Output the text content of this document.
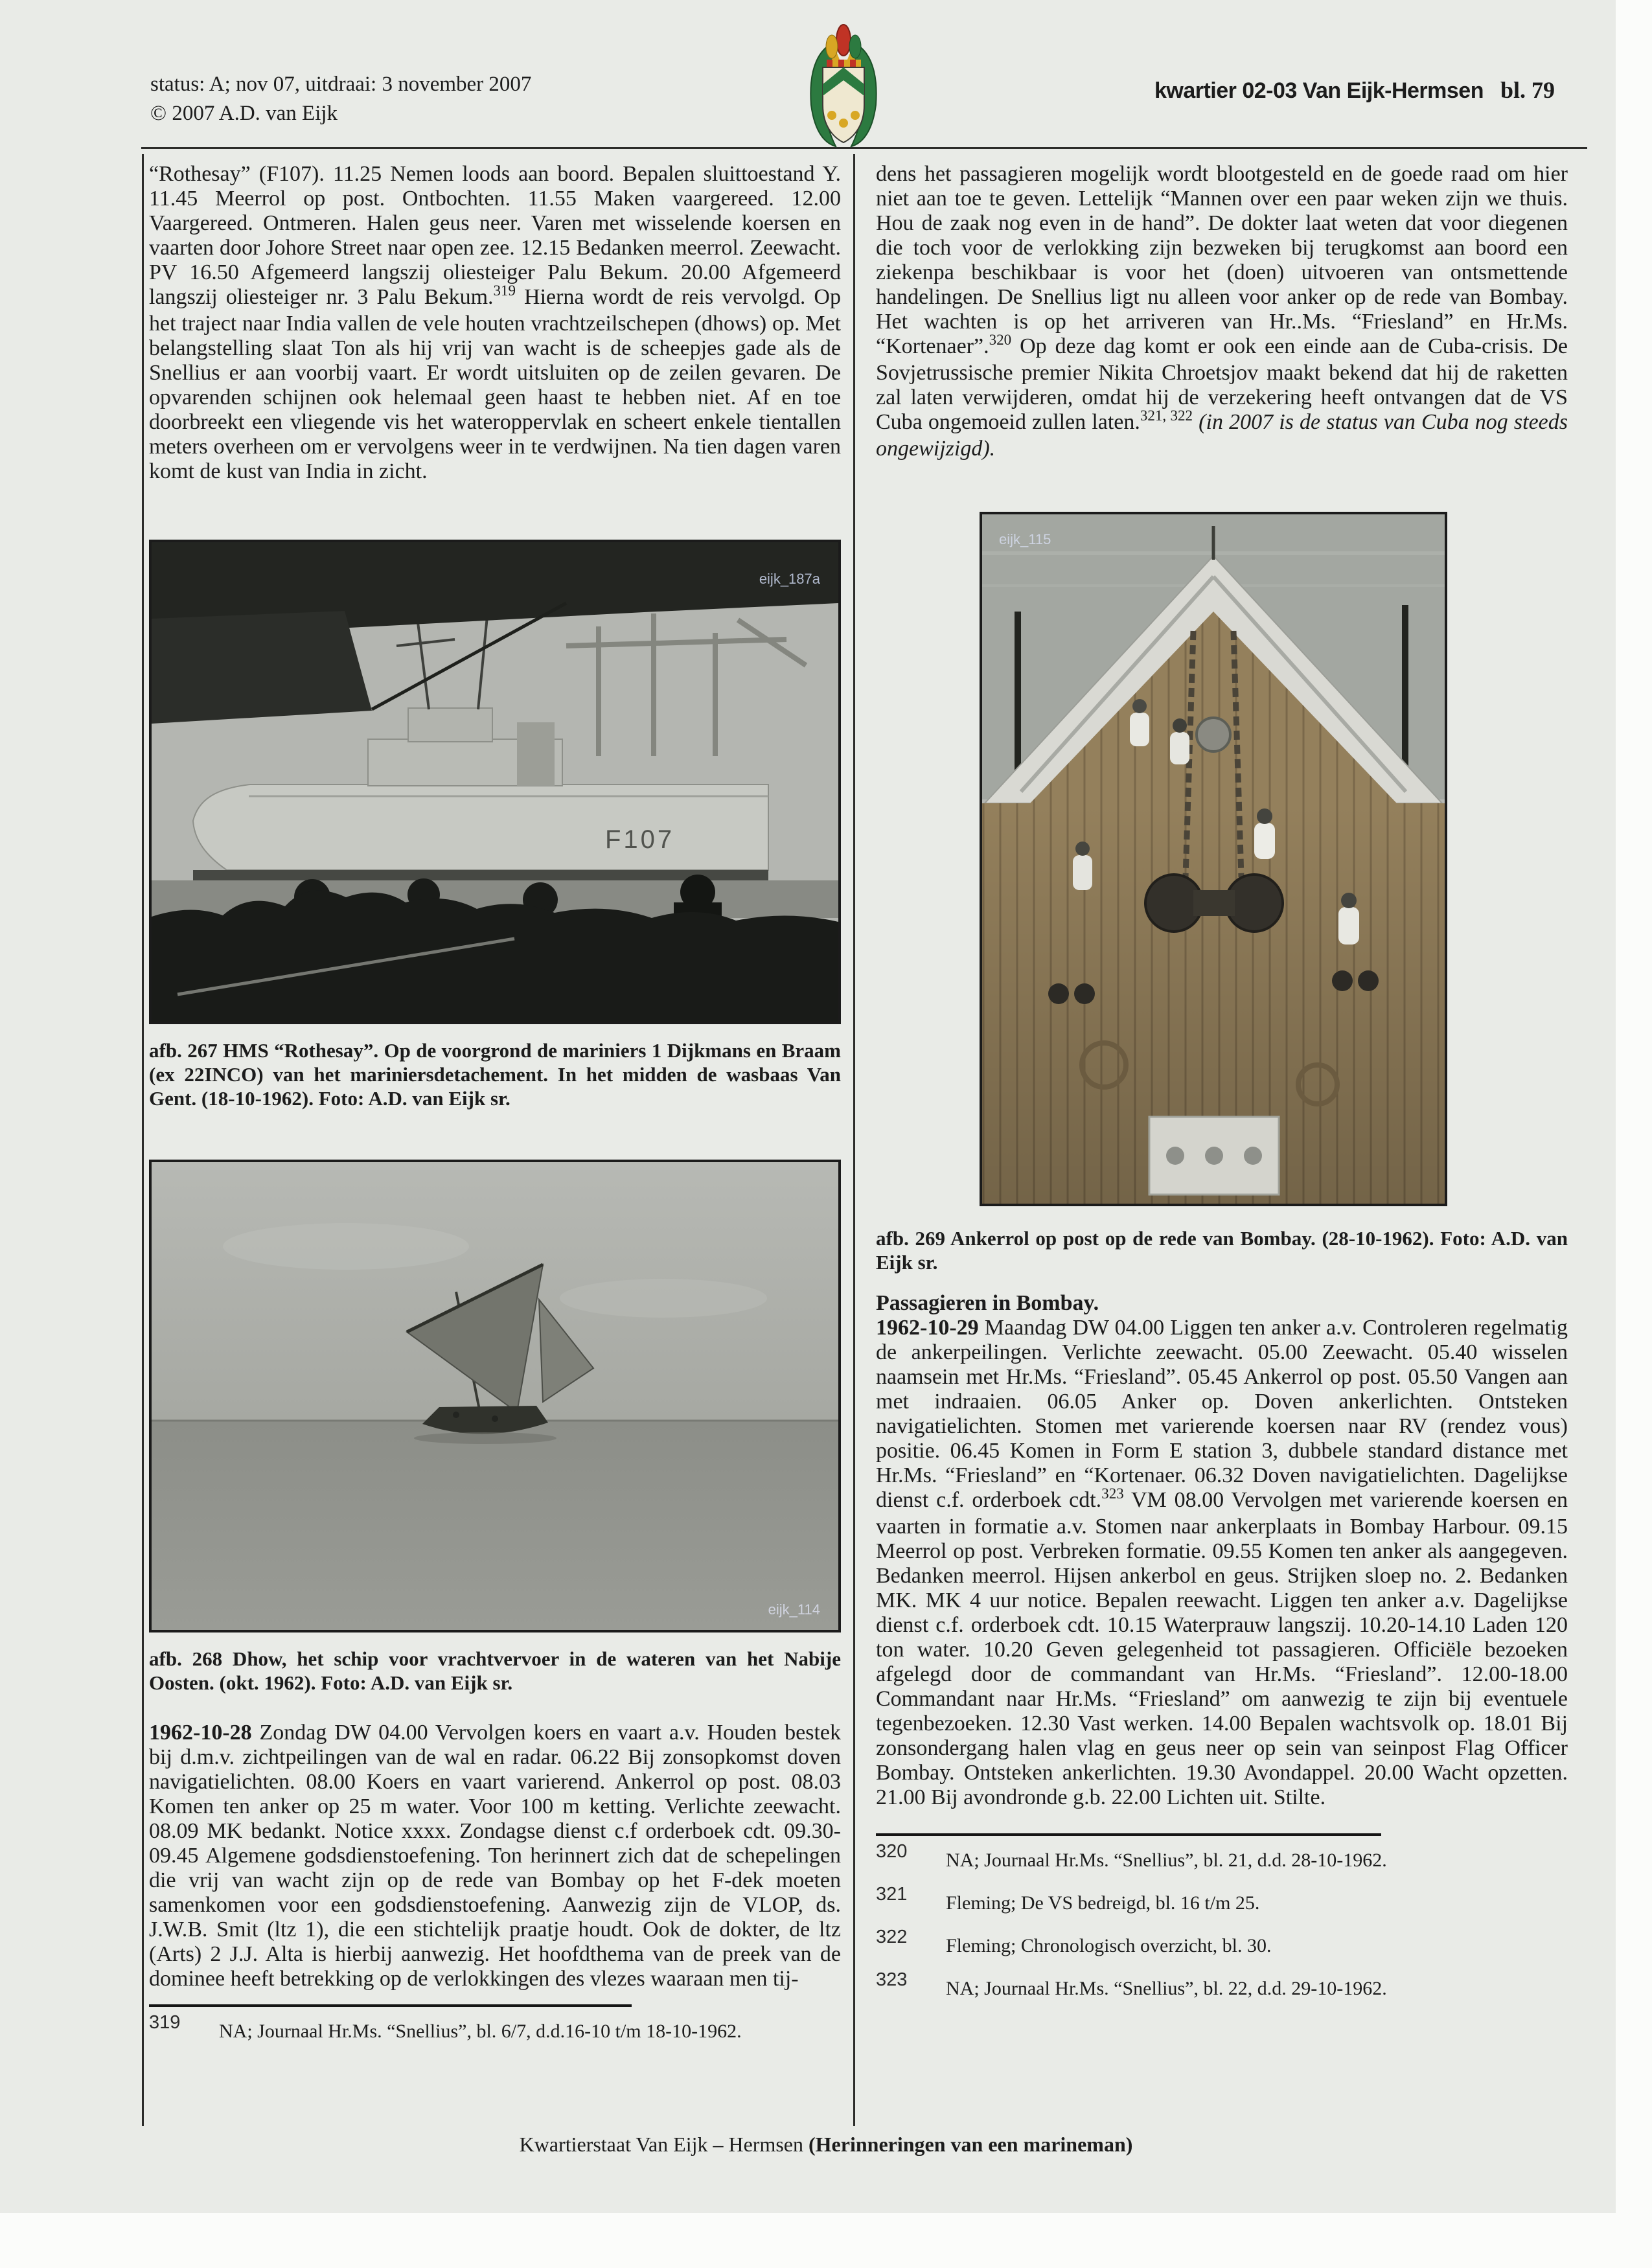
status: A; nov 07, uitdraai: 3 november 2007
© 2007 A.D. van Eijk
kwartier 02-03 Van Eijk-Hermsen bl. 79
“Rothesay” (F107). 11.25 Nemen loods aan boord. Bepalen sluittoestand Y. 11.45 Meerrol op post. Ontbochten. 11.55 Maken vaargereed. 12.00 Vaargereed. Ontmeren. Halen geus neer. Varen met wisselende koersen en vaarten door Johore Street naar open zee. 12.15 Bedanken meerrol. Zeewacht. PV 16.50 Afgemeerd langszij oliesteiger Palu Bekum. 20.00 Afgemeerd langszij oliesteiger nr. 3 Palu Bekum.$^{319}$ Hierna wordt de reis vervolgd. Op het traject naar India vallen de vele houten vrachtzeilschepen (dhows) op. Met belangstelling slaat Ton als hij vrij van wacht is de scheepjes gade als de Snellius er aan voorbij vaart. Er wordt uitsluiten op de zeilen gevaren. De opvarenden schijnen ook helemaal geen haast te hebben niet. Af en toe doorbreekt een vliegende vis het wateroppervlak en scheert enkele tientallen meters overheen om er vervolgens weer in te verdwijnen. Na tien dagen varen komt de kust van India in zicht.
F107
eijk_187a
afb. 267 HMS “Rothesay”. Op de voorgrond de mariniers 1 Dijkmans en Braam (ex 22INCO) van het mariniersdetachement. In het midden de wasbaas Van Gent. (18-10-1962). Foto: A.D. van Eijk sr.
eijk_114
afb. 268 Dhow, het schip voor vrachtvervoer in de wateren van het Nabije Oosten. (okt. 1962). Foto: A.D. van Eijk sr.
1962-10-28 Zondag DW 04.00 Vervolgen koers en vaart a.v. Houden bestek bij d.m.v. zichtpeilingen van de wal en radar. 06.22 Bij zonsopkomst doven navigatielichten. 08.00 Koers en vaart varierend. Ankerrol op post. 08.03 Komen ten anker op 25 m water. Voor 100 m ketting. Verlichte zeewacht. 08.09 MK bedankt. Notice xxxx. Zondagse dienst c.f orderboek cdt. 09.30-09.45 Algemene godsdienstoefening. Ton herinnert zich dat de schepelingen die vrij van wacht zijn op de rede van Bombay op het F-dek moeten samenkomen voor een godsdienstoefening. Aanwezig zijn de VLOP, ds. J.W.B. Smit (ltz 1), die een stichtelijk praatje houdt. Ook de dokter, de ltz (Arts) 2 J.J. Alta is hierbij aanwezig. Het hoofdthema van de preek van de dominee heeft betrekking op de verlokkingen des vlezes waaraan men tij-
319 NA; Journaal Hr.Ms. “Snellius”, bl. 6/7, d.d.16-10 t/m 18-10-1962.
dens het passagieren mogelijk wordt blootgesteld en de goede raad om hier niet aan toe te geven. Lettelijk “Mannen over een paar weken zijn we thuis. Hou de zaak nog even in de hand”. De dokter laat weten dat voor diegenen die toch voor de verlokking zijn bezweken bij terugkomst aan boord een ziekenpa beschikbaar is voor het (doen) uitvoeren van ontsmettende handelingen. De Snellius ligt nu alleen voor anker op de rede van Bombay. Het wachten is op het arriveren van Hr..Ms. “Friesland” en Hr.Ms. “Kortenaer”.$^{320}$ Op deze dag komt er ook een einde aan de Cuba-crisis. De Sovjetrussische premier Nikita Chroetsjov maakt bekend dat hij de raketten zal laten verwijderen, omdat hij de verzekering heeft ontvangen dat de VS Cuba ongemoeid zullen laten.$^{321, 322}$ (in 2007 is de status van Cuba nog steeds ongewijzigd).
eijk_115
afb. 269 Ankerrol op post op de rede van Bombay. (28-10-1962). Foto: A.D. van Eijk sr.
Passagieren in Bombay.
1962-10-29 Maandag DW 04.00 Liggen ten anker a.v. Controleren regelmatig de ankerpeilingen. Verlichte zeewacht. 05.00 Zeewacht. 05.40 wisselen naamsein met Hr.Ms. “Friesland”. 05.45 Ankerrol op post. 05.50 Vangen aan met indraaien. 06.05 Anker op. Doven ankerlichten. Ontsteken navigatielichten. Stomen met varierende koersen naar RV (rendez vous) positie. 06.45 Komen in Form E station 3, dubbele standard distance met Hr.Ms. “Friesland” en “Kortenaer. 06.32 Doven navigatielichten. Dagelijkse dienst c.f. orderboek cdt.$^{323}$ VM 08.00 Vervolgen met varierende koersen en vaarten in formatie a.v. Stomen naar ankerplaats in Bombay Harbour. 09.15 Meerrol op post. Verbreken formatie. 09.55 Komen ten anker als aangegeven. Bedanken meerrol. Hijsen ankerbol en geus. Strijken sloep no. 2. Bedanken MK. MK 4 uur notice. Bepalen reewacht. Liggen ten anker a.v. Dagelijkse dienst c.f. orderboek cdt. 10.15 Waterprauw langszij. 10.20-14.10 Laden 120 ton water. 10.20 Geven gelegenheid tot passagieren. Officiële bezoeken afgelegd door de commandant van Hr.Ms. “Friesland”. 12.00-18.00 Commandant naar Hr.Ms. “Friesland” om aanwezig te zijn bij eventuele tegenbezoeken. 12.30 Vast werken. 14.00 Bepalen wachtsvolk op. 18.01 Bij zonsondergang halen vlag en geus neer op sein van seinpost Flag Officer Bombay. Ontsteken ankerlichten. 19.30 Avondappel. 20.00 Wacht opzetten. 21.00 Bij avondronde g.b. 22.00 Lichten uit. Stilte.
320 NA; Journaal Hr.Ms. “Snellius”, bl. 21, d.d. 28-10-1962.
321 Fleming; De VS bedreigd, bl. 16 t/m 25.
322 Fleming; Chronologisch overzicht, bl. 30.
323 NA; Journaal Hr.Ms. “Snellius”, bl. 22, d.d. 29-10-1962.
Kwartierstaat Van Eijk – Hermsen (Herinneringen van een marineman)
